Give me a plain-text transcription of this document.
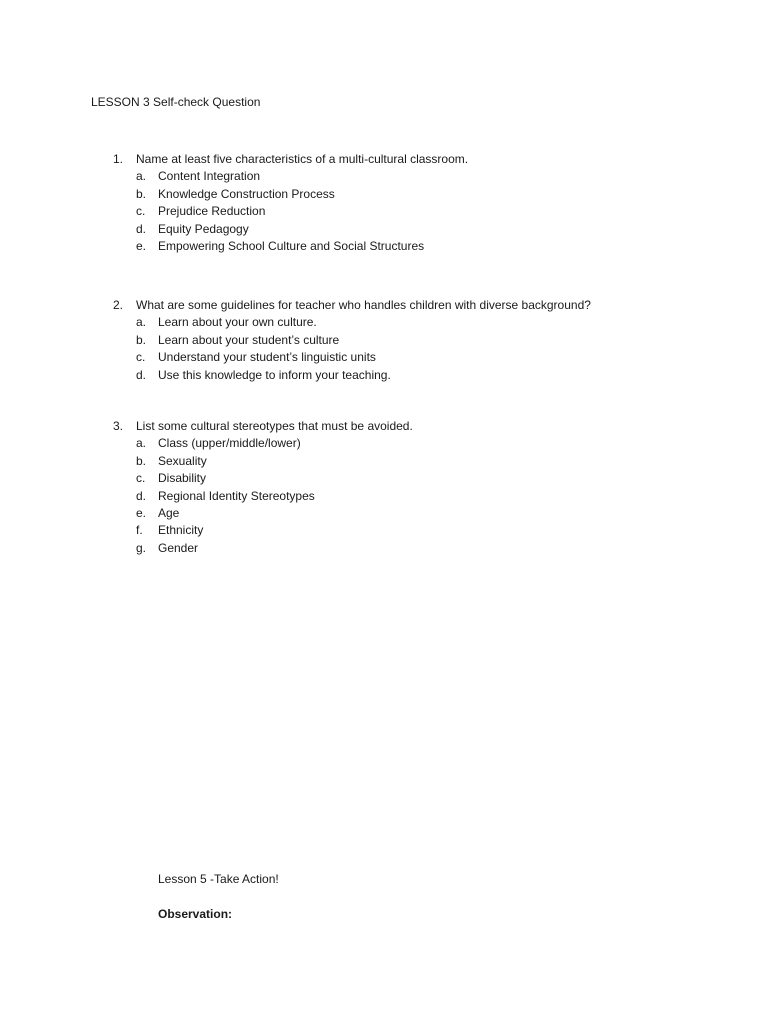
LESSON 3 Self-check Question
1.	Name at least five characteristics of a multi-cultural classroom.
a. Content Integration
b. Knowledge Construction Process
c.	Prejudice Reduction
d. Equity Pedagogy
e. Empowering School Culture and Social Structures
2.	What are some guidelines for teacher who handles children with diverse background?
a. Learn about your own culture.
b. Learn about your student’s culture
c.	Understand your student’s linguistic units
d. Use this knowledge to inform your teaching.
3.	List some cultural stereotypes that must be avoided.
a. Class (upper/middle/lower)
b. Sexuality
c.	Disability
d. Regional Identity Stereotypes
e. Age
f.	Ethnicity
g. Gender
Lesson 5 -Take Action!
Observation:
